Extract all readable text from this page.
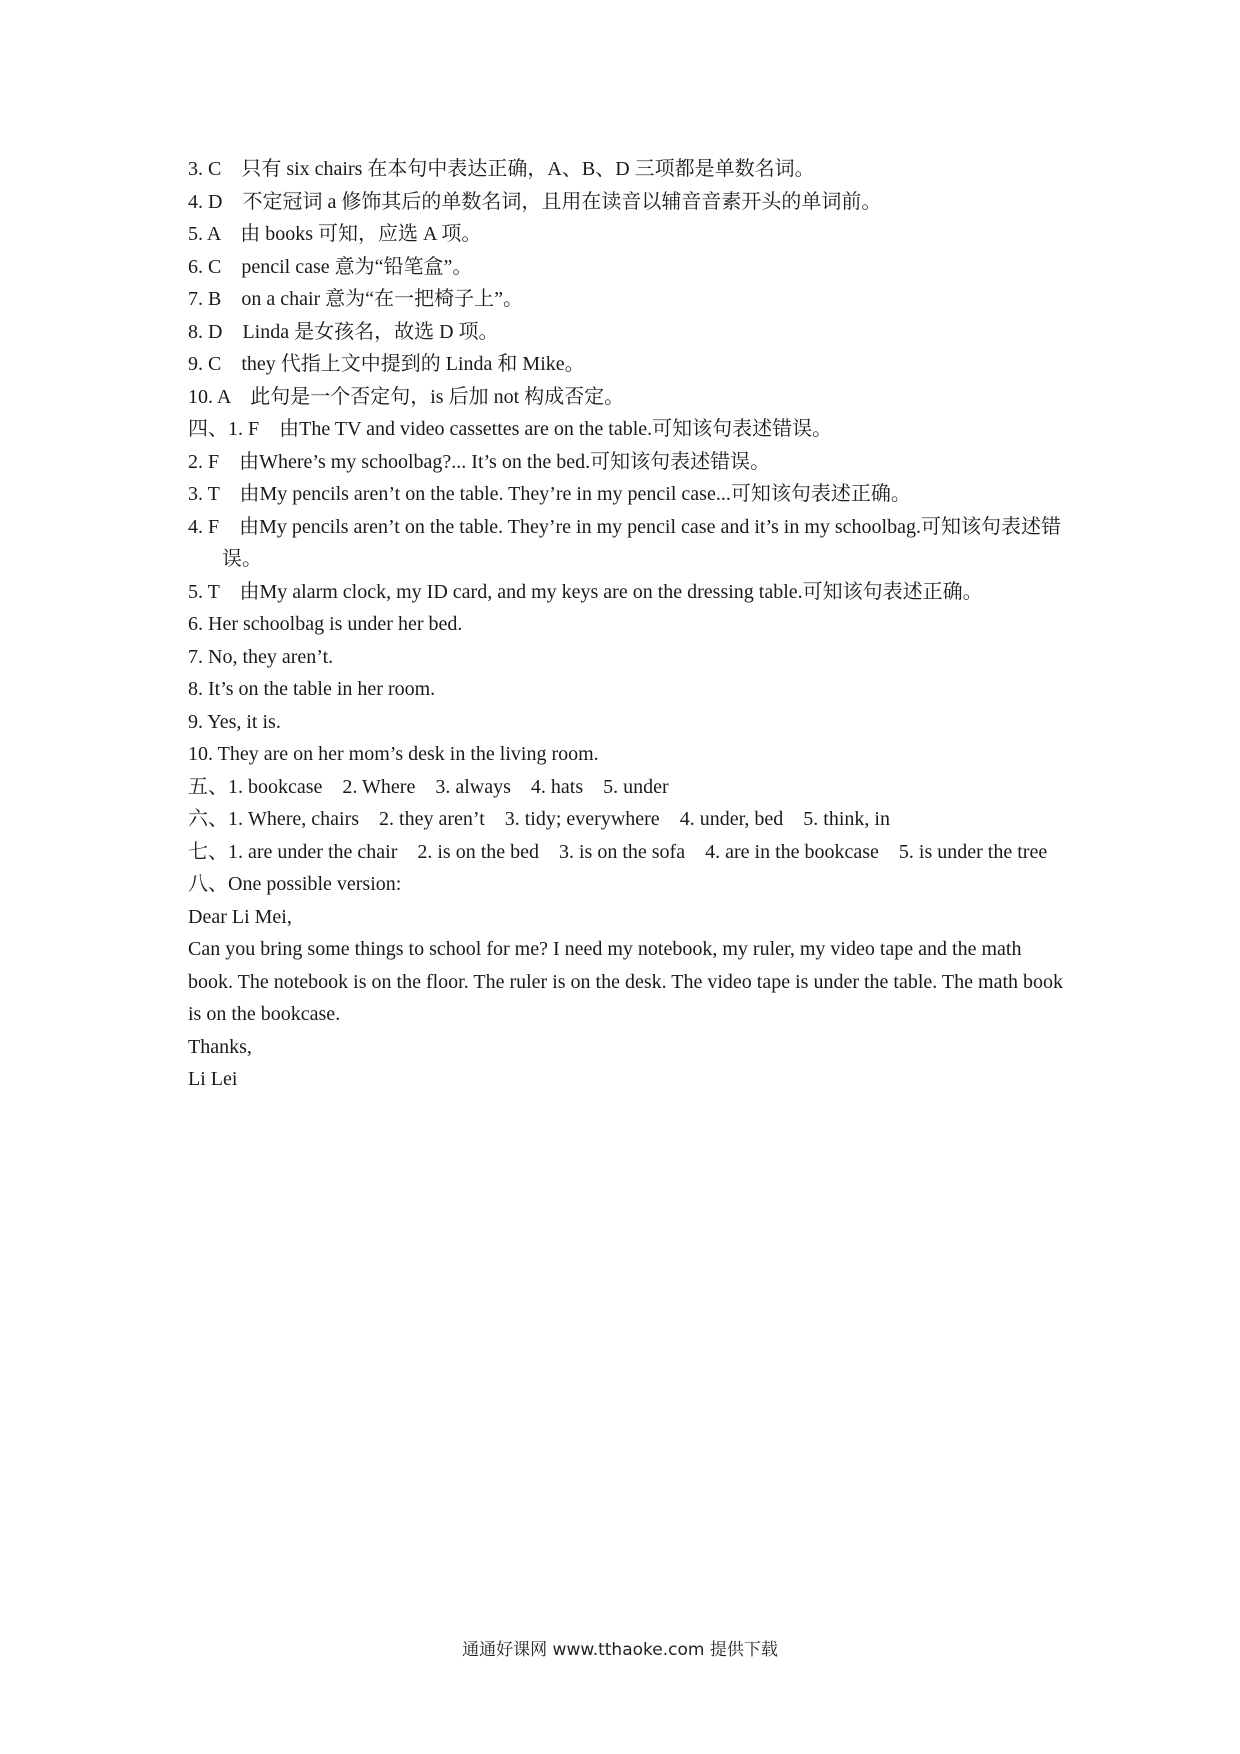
3. C　只有 six chairs 在本句中表达正确，A、B、D 三项都是单数名词。

4. D　不定冠词 a 修饰其后的单数名词，且用在读音以辅音音素开头的单词前。

5. A　由 books 可知，应选 A 项。

6. C　pencil case 意为“铅笔盒”。

7. B　on a chair 意为“在一把椅子上”。

8. D　Linda 是女孩名，故选 D 项。

9. C　they 代指上文中提到的 Linda 和 Mike。

10. A　此句是一个否定句，is 后加 not 构成否定。

四、1. F　由The TV and video cassettes are on the table.可知该句表述错误。

2. F　由Where’s my schoolbag?... It’s on the bed.可知该句表述错误。

3. T　由My pencils aren’t on the table. They’re in my pencil case...可知该句表述正确。

4. F　由My pencils aren’t on the table. They’re in my pencil case and it’s in my schoolbag.可知该句表述错误。

5. T　由My alarm clock, my ID card, and my keys are on the dressing table.可知该句表述正确。

6. Her schoolbag is under her bed.

7. No, they aren’t.

8. It’s on the table in her room.

9. Yes, it is.

10. They are on her mom’s desk in the living room.

五、1. bookcase　2. Where　3. always　4. hats　5. under

六、1. Where, chairs　2. they aren’t　3. tidy; everywhere　4. under, bed　5. think, in

七、1. are under the chair　2. is on the bed　3. is on the sofa　4. are in the bookcase　5. is under the tree

八、One possible version:

Dear Li Mei,

Can you bring some things to school for me? I need my notebook, my ruler, my video tape and the math book. The notebook is on the floor. The ruler is on the desk. The video tape is under the table. The math book is on the bookcase.

Thanks,

Li Lei

通通好课网 www.tthaoke.com 提供下载
